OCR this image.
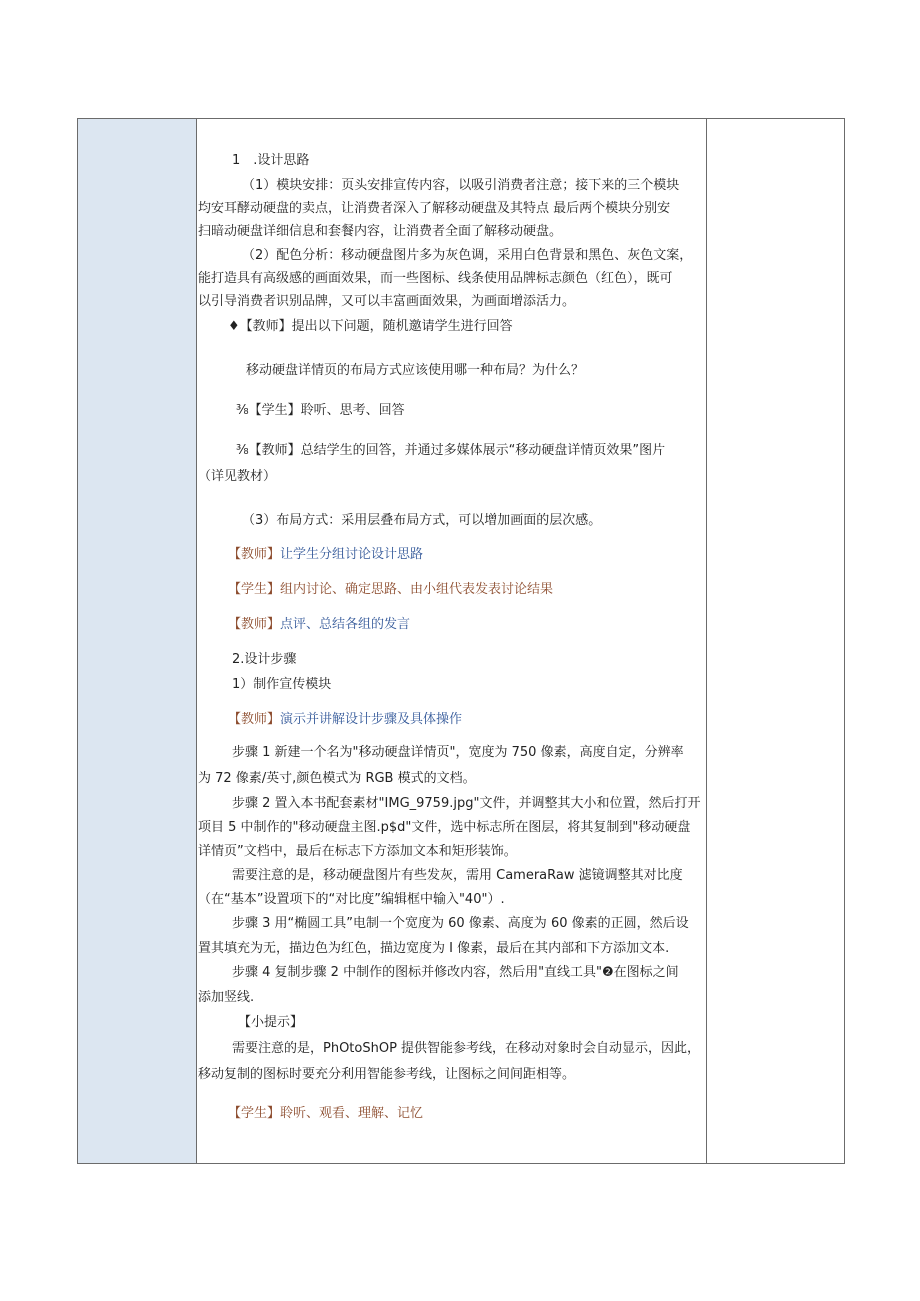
1　.设计思路
（1）模块安排：页头安排宣传内容，以吸引消费者注意；接下来的三个模块
均安耳酵动硬盘的卖点，让消费者深入了解移动硬盘及其特点 最后两个模块分别安
扫暗动硬盘详细信息和套餐内容，让消费者全面了解移动硬盘。
（2）配色分析：移动硬盘图片多为灰色调，采用白色背景和黑色、灰色文案，
能打造具有高级感的画面效果，而一些图标、线条使用品牌标志颜色（红色），既可
以引导消费者识别品牌，又可以丰富画面效果，为画面增添活力。
♦【教师】提出以下问题，随机邀请学生进行回答
移动硬盘详情页的布局方式应该使用哪一种布局？为什么？
⅜【学生】聆听、思考、回答
⅜【教师】总结学生的回答，并通过多媒体展示“移动硬盘详情页效果”图片
（详见教材）
（3）布局方式：采用层叠布局方式，可以增加画面的层次感。
【教师】让学生分组讨论设计思路
【学生】组内讨论、确定思路、由小组代表发表讨论结果
【教师】点评、总结各组的发言
2.设计步骤
1）制作宣传模块
【教师】演示并讲解设计步骤及具体操作
步骤 1 新建一个名为"移动硬盘详情页"，宽度为 750 像素，高度自定，分辨率
为 72 像素/英寸,颜色模式为 RGB 模式的文档。
步骤 2 置入本书配套素材"IMG_9759.jpg"文件，并调整其大小和位置，然后打开
项目 5 中制作的"移动硬盘主图.p$d"文件，选中标志所在图层，将其复制到"移动硬盘
详情页”文档中，最后在标志下方添加文本和矩形装饰。
需要注意的是，移动硬盘图片有些发灰，需用 CameraRaw 滤镜调整其对比度
（在“基本”设置项下的“对比度”编辑框中输入"40"）.
步骤 3 用“椭圆工具”电制一个宽度为 60 像素、高度为 60 像素的正圆，然后设
置其填充为无，描边色为红色，描边宽度为 I 像素，最后在其内部和下方添加文本.
步骤 4 复制步骤 2 中制作的图标并修改内容，然后用"直线工具"❷在图标之间
添加竖线.
【小提示】
需要注意的是，PhOtoShOP 提供智能参考线，在移动对象时会自动显示，因此，
移动复制的图标时要充分利用智能参考线，让图标之间间距相等。
【学生】聆听、观看、理解、记忆
